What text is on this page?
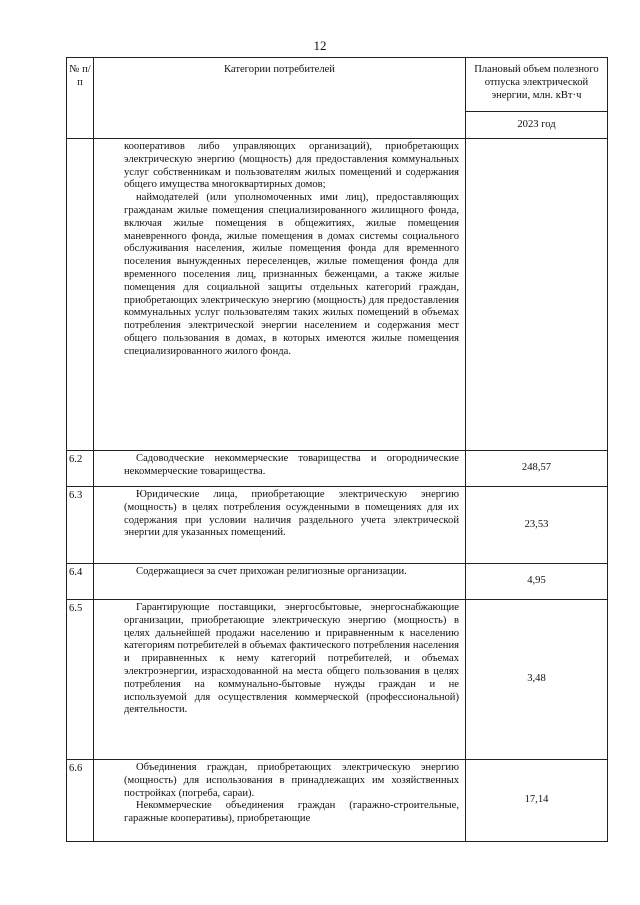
12
№ п/п	Категории потребителей	Плановый объем полезного отпуска электрической энергии, млн. кВт·ч
		2023 год

	кооперативов либо управляющих организаций), приобретающих электрическую энергию (мощность) для предоставления коммунальных услуг собственникам и пользователям жилых помещений и содержания общего имущества многоквартирных домов;

наймодателей (или уполномоченных ими лиц), предоставляющих гражданам жилые помещения специализированного жилищного фонда, включая жилые помещения в общежитиях, жилые помещения маневренного фонда, жилые помещения в домах системы социального обслуживания населения, жилые помещения фонда для временного поселения вынужденных переселенцев, жилые помещения фонда для временного поселения лиц, признанных беженцами, а также жилые помещения для социальной защиты отдельных категорий граждан, приобретающих электрическую энергию (мощность) для предоставления коммунальных услуг пользователям таких жилых помещений в объемах потребления электрической энергии населением и содержания мест общего пользования в домах, в которых имеются жилые помещения специализированного жилого фонда.	

6.2	Садоводческие некоммерческие товарищества и огороднические некоммерческие товарищества.	248,57
6.3	Юридические лица, приобретающие электрическую энергию (мощность) в целях потребления осужденными в помещениях для их содержания при условии наличия раздельного учета электрической энергии для указанных помещений.	23,53
6.4	Содержащиеся за счет прихожан религиозные организации.	4,95
6.5	Гарантирующие поставщики, энергосбытовые, энергоснабжающие организации, приобретающие электрическую энергию (мощность) в целях дальнейшей продажи населению и приравненным к населению категориям потребителей в объемах фактического потребления населения и приравненных к нему категорий потребителей, и объемах электроэнергии, израсходованной на места общего пользования в целях потребления на коммунально-бытовые нужды граждан и не используемой для осуществления коммерческой (профессиональной) деятельности.	3,48
6.6	Объединения граждан, приобретающих электрическую энергию (мощность) для использования в принадлежащих им хозяйственных постройках (погреба, сараи).

Некоммерческие объединения граждан (гаражно-строительные, гаражные кооперативы), приобретающие	17,14
